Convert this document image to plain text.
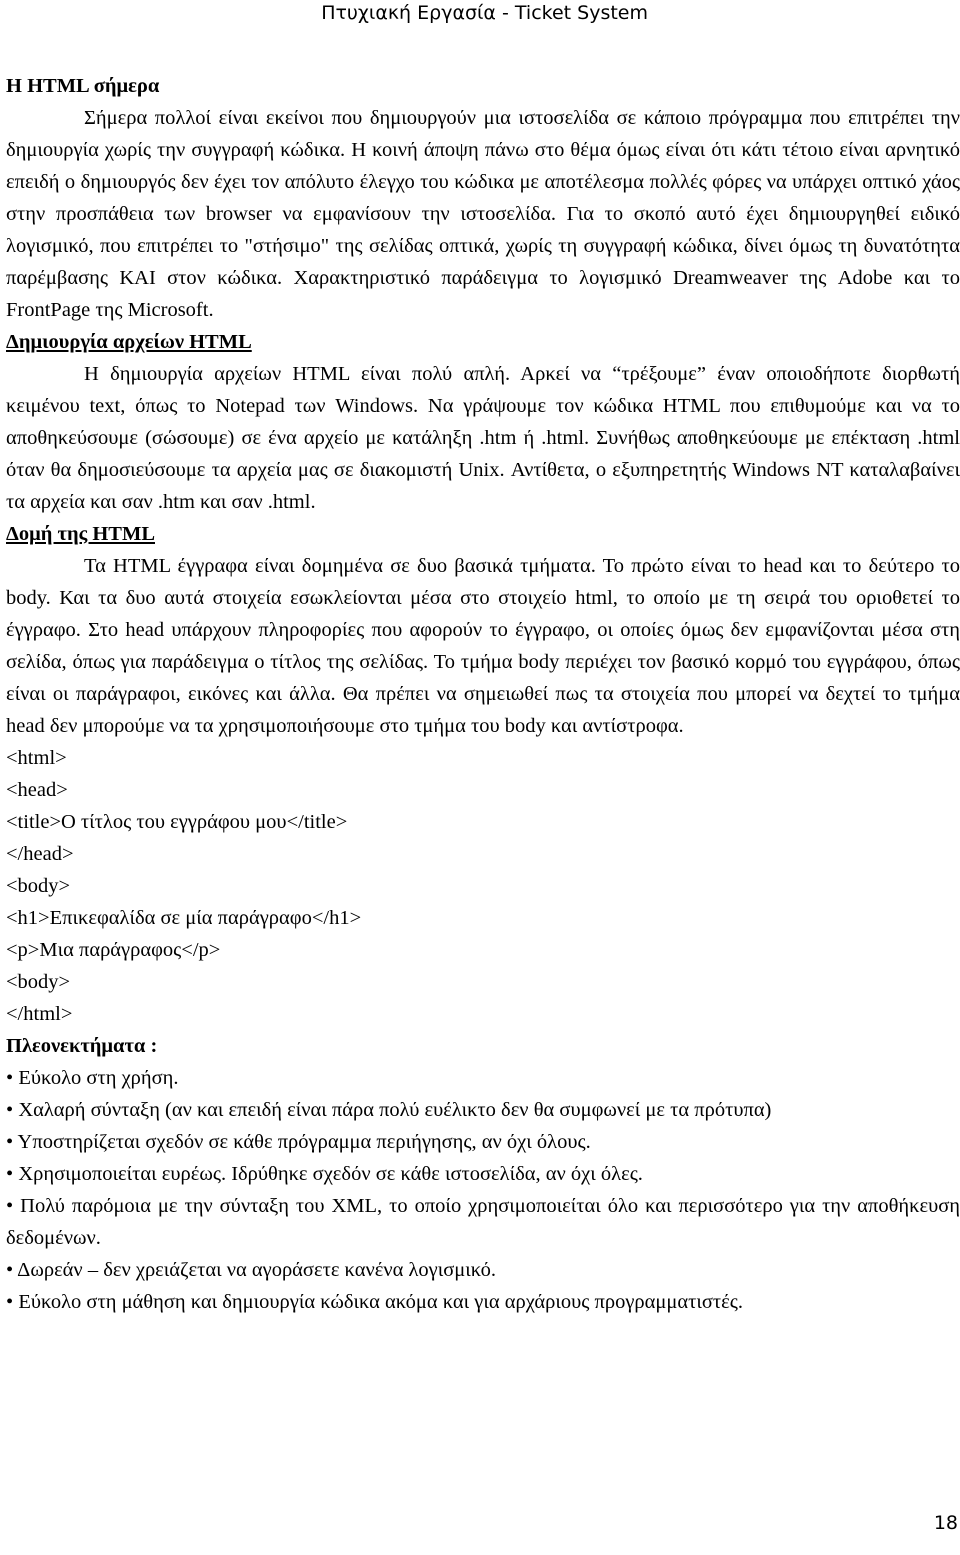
Πτυχιακή Εργασία - Ticket System
Η HTML σήμερα
Σήμερα πολλοί είναι εκείνοι που δημιουργούν μια ιστοσελίδα σε κάποιο πρόγραμμα που επιτρέπει την δημιουργία χωρίς την συγγραφή κώδικα. Η κοινή άποψη πάνω στο θέμα όμως είναι ότι κάτι τέτοιο είναι αρνητικό επειδή ο δημιουργός δεν έχει τον απόλυτο έλεγχο του κώδικα με αποτέλεσμα πολλές φόρες να υπάρχει οπτικό χάος στην προσπάθεια των browser να εμφανίσουν την ιστοσελίδα. Για το σκοπό αυτό έχει δημιουργηθεί ειδικό λογισμικό, που επιτρέπει το "στήσιμο" της σελίδας οπτικά, χωρίς τη συγγραφή κώδικα, δίνει όμως τη δυνατότητα παρέμβασης ΚΑΙ στον κώδικα. Χαρακτηριστικό παράδειγμα το λογισμικό Dreamweaver της Adobe και το FrontPage της Microsoft.
Δημιουργία αρχείων HTML
Η δημιουργία αρχείων HTML είναι πολύ απλή. Αρκεί να “τρέξουμε” έναν οποιοδήποτε διορθωτή κειμένου text, όπως το Notepad των Windows. Να γράψουμε τον κώδικα HTML που επιθυμούμε και να το αποθηκεύσουμε (σώσουμε) σε ένα αρχείο με κατάληξη .htm ή .html. Συνήθως αποθηκεύουμε με επέκταση .html όταν θα δημοσιεύσουμε τα αρχεία μας σε διακομιστή Unix. Αντίθετα, ο εξυπηρετητής Windows NT καταλαβαίνει τα αρχεία και σαν .htm και σαν .html.
Δομή της HTML
Τα HTML έγγραφα είναι δομημένα σε δυο βασικά τμήματα. Το πρώτο είναι το head και το δεύτερο το body. Και τα δυο αυτά στοιχεία εσωκλείονται μέσα στο στοιχείο html, το οποίο με τη σειρά του οριοθετεί το έγγραφο. Στο head υπάρχουν πληροφορίες που αφορούν το έγγραφο, οι οποίες όμως δεν εμφανίζονται μέσα στη σελίδα, όπως για παράδειγμα ο τίτλος της σελίδας. Το τμήμα body περιέχει τον βασικό κορμό του εγγράφου, όπως είναι οι παράγραφοι, εικόνες και άλλα. Θα πρέπει να σημειωθεί πως τα στοιχεία που μπορεί να δεχτεί το τμήμα head δεν μπορούμε να τα χρησιμοποιήσουμε στο τμήμα του body και αντίστροφα.
<html>
<head>
<title>Ο τίτλος του εγγράφου μου</title>
</head>
<body>
<h1>Επικεφαλίδα σε μία παράγραφο</h1>
<p>Μια παράγραφος</p>
<body>
</html>
Πλεονεκτήματα :
• Εύκολο στη χρήση.
• Χαλαρή σύνταξη (αν και επειδή είναι πάρα πολύ ευέλικτο δεν θα συμφωνεί με τα πρότυπα)
• Υποστηρίζεται σχεδόν σε κάθε πρόγραμμα περιήγησης, αν όχι όλους.
• Χρησιμοποιείται ευρέως. Ιδρύθηκε σχεδόν σε κάθε ιστοσελίδα, αν όχι όλες.
• Πολύ παρόμοια με την σύνταξη του XML, το οποίο χρησιμοποιείται όλο και περισσότερο για την αποθήκευση δεδομένων.
• Δωρεάν – δεν χρειάζεται να αγοράσετε κανένα λογισμικό.
• Εύκολο στη μάθηση και δημιουργία κώδικα ακόμα και για αρχάριους προγραμματιστές.
18
